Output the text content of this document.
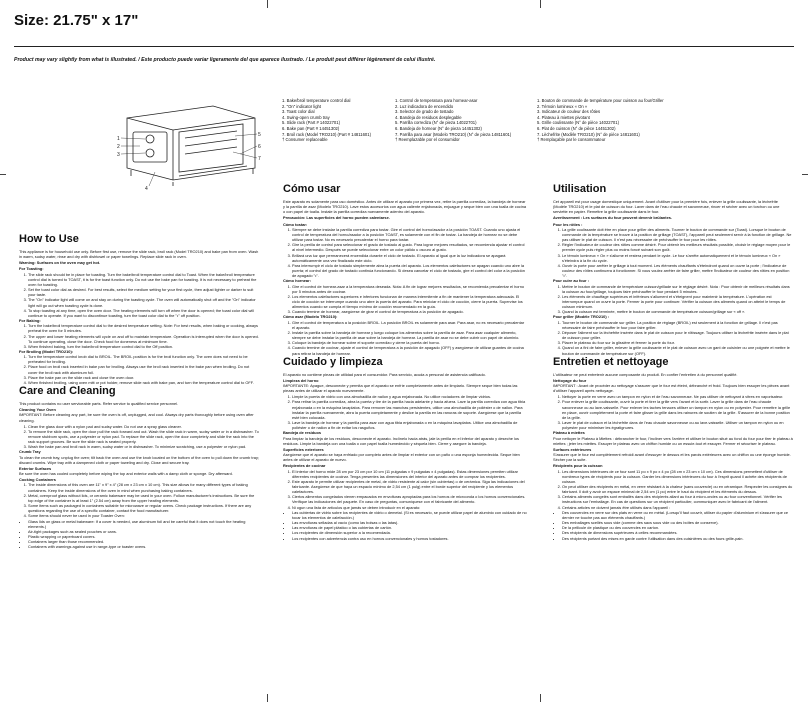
Size: 21.75" x 17"
Product may vary slightly from what is illustrated. / Este producto puede variar ligeramente del que aparece ilustrado. / Le produit peut différer légèrement de celui illustré.
1
2
3
4
5
6
7
1. Bake/broil temperature control dial
2. "On" indicator light
3. Toast color dial
4. Swing-open crumb tray
5. Slide rack (Part # 14022701)
6. Bake pan (Part # 14451302)
7. Broil rack (Model TRO210) (Part # 14811601)
† Consumer replaceable
1. Control de temperatura para hornear-asar
2. Luz indicadora de encendido
3. Selector de grado de tostado
4. Bandeja de residuos desplegable
5. Parrilla corrediza (N° de pieza 14022701)
6. Bandeja de hornear (N° de pieza 14451302)
7. Parrilla para asar (Modelo TRO210) (N° de pieza 14811601)
† Reemplazable por el consumidor
1. Bouton de commande de température pour cuisson au four/Griller
2. Témoin lumineux « On »
3. Indicateur de couleur des rôties
4. Plateau à miettes pivotant
5. Grille coulissante (N° de pièce 14022701)
6. Plat de cuisson (N° de pièce 14451302)
7. Lèchefrite (Modèle TRO210) (N° de pièce 14811601)
† Remplaçable par le consommateur
How to Use

This appliance is for household use only. Before first use, remove the slide rack, broil rack (Model TRO210) and bake pan from oven. Wash in warm, sudsy water, rinse and dry with dishtowel or paper towelings. Replace slide rack in oven.

Warning: Surfaces on the oven may get hot.

For Toasting:
1. The slide rack should be in place for toasting. Turn the bake/broil temperature control dial to Toast. When the bake/broil temperature control dial is turned to TOAST, it is for the toast function only. Do not use the bake pan for toasting. It is not necessary to preheat the oven for toasting.
2. Set the toast color dial as desired. For best results, select the medium setting for your first cycle, then adjust lighter or darker to suit your taste.
3. The "On" indicator light will come on and stay on during the toasting cycle. The oven will automatically shut off and the "On" indicator light will go out when toasting cycle is done.
4. To stop toasting at any time, open the oven door. The heating elements will turn off when the door is opened; the toast color dial will continue to operate. If you want to discontinue toasting, turn the toast color dial to the "•" off position.
For Baking:
1. Turn the bake/broil temperature control dial to the desired temperature setting. Note: For best results, when baking or cooking, always preheat the oven for 5 minutes.
2. The upper and lower heating elements will cycle on and off to maintain temperature. Operation is interrupted when the door is opened. To continue operating, close the door. Check food for doneness at minimum time.
3. When finished baking, turn the bake/broil temperature control dial to the Off position.
For Broiling (Model TRO210):
1. Turn the temperature control knob dial to BROIL. The BROIL position is for the broil function only. The oven does not need to be preheated for broiling.
2. Place food on broil rack inserted in bake pan for broiling. Always use the broil rack inserted in the bake pan when broiling. Do not cover the broil rack with aluminum foil.
3. Place the bake pan on the slide rack and close the oven door.
4. When finished broiling, using oven mitt or pot holder, remove slide rack with bake pan, and turn the temperature control dial to OFF.
Care and Cleaning

This product contains no user serviceable parts. Refer service to qualified service personnel.

Cleaning Your Oven

IMPORTANT: Before cleaning any part, be sure the oven is off, unplugged, and cool. Always dry parts thoroughly before using oven after cleaning.

1. Clean the glass door with a nylon pad and sudsy water. Do not use a spray glass cleaner.
2. To remove the slide rack, open the door pull the rack forward and out. Wash the slide rack in warm, sudsy water or in a dishwasher. To remove stubborn spots, use a polyester or nylon pad. To replace the slide rack, open the door completely and slide the rack into the rack support grooves. Be sure the slide rack is seated properly.
3. Wash the bake pan and broil rack in warm, sudsy water or in dishwasher. To minimize scratching, use a polyester or nylon pad.
Crumb Tray

To clean the crumb tray, unplug the oven; tilt back the oven and use the knob located on the bottom of the oven to pull down the crumb tray; discard crumbs. Wipe tray with a dampened cloth or paper toweling and dry. Close and secure tray.

Exterior Surfaces

Be sure the oven has cooled completely before wiping the top and exterior walls with a damp cloth or sponge. Dry afterward.

Cooking Containers
1. The inside dimensions of this oven are 11" x 9" x 4" (28 cm x 23 cm x 10 cm). This size allows for many different types of baking containers. Keep the inside dimensions of the oven in mind when purchasing baking containers.
2. Metal, ovenproof glass without lids, or ceramic bakeware may be used in your oven. Follow manufacturer's instructions. Be sure the top edge of the container is at least 1" (2.54 cm) away from the upper heating elements.
3. Some items such as packaged in containers suitable for microwave or regular ovens. Check package instructions. If there are any questions regarding the use of a specific container, contact the food manufacturer.
4. Some items should never be used in your Toaster Oven:
• Glass lids on glass or metal bakeware: If a cover is needed, use aluminum foil and be careful that it does not touch the heating elements.)
• Air-tight packages such as sealed pouches or cans.
• Plastic wrapping or paperboard covers.
• Containers larger than those recommended.
• Containers with warnings against use in range-type or toaster ovens.
Cómo usar

Este aparato es solamente para uso doméstico. Antes de utilizar el aparato por primera vez, retire la parrilla corrediza, la bandeja de hornear y la parrilla de asar (Modelo TRO210). Lave estos accesorios con agua caliente enjabonada, enjuague y seque bien con una toalla de cocina o con papel de toalla. Instale la parrilla corrediza nuevamente adentro del aparato.

Precaución: Las superficies del horno pueden calentarse.

Cómo tostar:
1. Siempre se debe instalar la parrilla corrediza para tostar. Gire el control del horno/asador a la posición TOAST. Cuando uno ajusta el control de temperatura del horno/asador a la posición TOAST, es solamente con el fin de tostar. La bandeja de hornear no se debe utilizar para tostar. No es necesario precalentar el horno para tostar.
2. Gire la perilla de control para seleccionar el grado de tostado al gusto. Para lograr mejores resultados, se recomienda ajustar el control al nivel intermedio. Después se puede seleccionar entre un color pálido u oscuro al gusto.
3. Brillará una luz que permanecerá encendida durante el ciclo de tostado. El aparato al igual que la luz indicadora se apagará automáticamente una vez finalizado este ciclo.
4. Para interrumpir el ciclo de tostado simplemente abra la puerta del aparato. Los elementos calefactores se apagan cuando uno abre la puerta; el control del grado de tostado continúa funcionando. Si desea cancelar el ciclo de tostado, gire el control del color a la posición de apagado "•".
Cómo hornear:
1. Gire el control de hornear-asar a la temperatura deseada. Nota: A fin de lograr mejores resultados, se recomienda precalentar el horno por 5 minutos antes de cocinar.
2. Los elementos calefactores superiores e inferiores funcionan de manera intermitente a fin de mantener la temperatura adecuada. El ciclo de cocción se interrumpe cuando uno abre la puerta del aparato. Para reiniciar el ciclo de cocción, cierre la puerta. Supervise los alimentos cuando se cumpla el tiempo mínimo de cocción recomendado en la guía.
3. Cuando termine de hornear, asegúrese de girar el control de temperatura a la posición de apagado.
Cómo asar (Modelo TRO210):
1. Gire el control de temperatura a la posición BROIL. La posición BROIL es solamente para asar. Para asar, no es necesario precalentar el aparato.
2. Instale la parrilla sobre la bandeja de hornear y luego coloque los alimentos sobre la parrilla de asar. Para asar cualquier alimento, siempre se debe instalar la parrilla de asar sobre la bandeja de hornear. La parrilla de asar no se debe cubrir con papel de aluminio.
3. Coloque la bandeja de hornear sobre el soporte corredizo y cierre la puerta del horno.
4. Cuando termine de cocinar, ajuste el control de temperatura a la posición de apagado (OFF) y asegúrese de utilizar guantes de cocina para retirar la bandeja de hornear.
Cuidado y limpieza

El aparato no contiene piezas de utilidad para el consumidor. Para servicio, acuda a personal de asistencia calificado.

Limpieza del horno

IMPORTANTE: Apague, desconecte y permita que el aparato se enfríe completamente antes de limpiarlo. Siempre seque bien todas las piezas antes de utilizar el aparato nuevamente.

1. Limpie la puerta de vidrio con una almohadilla de nailon y agua enjabonada. No utilice rociadores de limpiar vidrios.
2. Para retirar la parrilla corrediza, abra la puerta y tire de la parrilla hacia adelante y hacia afuera. Lave la parrilla corrediza con agua tibia enjabonada o en la máquina lavaplatos. Para remover las manchas persistentes, utilice una almohadilla de poliéster o de nailon. Para instalar la parrilla nuevamente, abra la puerta completamente y deslice la parrilla en las ranuras de soporte. Asegúrese que la parrilla esté bien colocada.
3. Lave la bandeja de hornear y la parrilla para asar con agua tibia enjabonada o en la máquina lavaplatos. Utilice una almohadilla de poliéster o de nailon a fin de evitar los rasguños.
Bandeja de residuos

Para limpiar la bandeja de los residuos, desconecte el aparato. Inclínelo hacia atrás, jale la perilla en el inferior del aparato y deseche los residuos. Limpie la bandeja con una toalla o con papel toalla humedecido y séquela bien. Cierre y asegure la bandeja.

Superficies exteriores

Asegúrese que el aparato se haya enfriado por completo antes de limpiar el exterior con un paño o una esponja humedecida. Seque bien antes de utilizar el aparato de nuevo.

Recipientes de cocinar
1. El interior del horno mide 28 cm por 23 cm por 10 cm (11 pulgadas x 9 pulgadas x 4 pulgadas). Estas dimensiones permiten utilizar diferentes recipientes de cocinar. Tenga presentes las dimensiones del interior del aparato antes de comprar los recipientes.
2. Este aparato le permite utilizar recipientes de metal, de vidrio resistente al calor (sin cubiertas) o de cerámica. Siga las indicaciones del fabricante. Asegúrese de que haya un espacio mínimo de 2,54 cm (1 pulg) entre el borde superior del recipiente y los elementos calefactores.
3. Ciertos alimentos congelados vienen empacados en envolturas apropiadas para los hornos de microonda o los hornos convencionales. Verifique las indicaciones del paquete. En caso de preguntas, comuníquese con el fabricante del alimento.
4. Ni ogun una lista de artículos que jamás se deben introducir en el aparato:
• Las cubiertas de vidrio sobre los recipientes de vidrio o demetal. (Si es necesario, se puede utilizar papel de aluminio con cuidado de no tocar los elementos de calefacción.)
• Las envolturas selladas al vacío (como las bolsas o las latas).
• Las envolturas de papel plástico o las cubiertas de cartón.
• Los recipientes de dimensión superior a la recomendada.
• Los recipientes con advertencia contra uso en hornos convencionales y hornos tostadores.
Utilisation

Cet appareil est pour usage domestique uniquement. Avant d'utiliser pour la première fois, enlever la grille coulissante, la lèchefrite (Modèle TRO210) et le plat de cuisson du four. Laver dans de l'eau chaude et savonneuse, rincer et sécher avec un torchon ou une serviette en papier. Remettre la grille coulissante dans le four.

Avertissement : Les surfaces du four peuvent devenir brûlantes.

Pour les rôties :
1. La grille coulissante doit être en place pour griller des aliments. Tourner le bouton de commande sur (Toast). Lorsque le bouton de commande de la température se trouve à la position de grillage (TOAST), l'appareil peut seulement servir à la fonction de grillage. Ne pas utiliser le plat de cuisson. Il n'est pas nécessaire de préchauffer le four pour les rôties.
2. Régler l'indicateur de couleur des rôties comme désiré. Pour obtenir les meilleurs résultats possible, choisir le réglage moyen pour le premier cycle puis régler plus ou moins foncé suivant son goût.
3. Le témoin lumineux « On » s'allume et restera pendant le cycle. Le four s'arrête automatiquement et le témoin lumineux « On » s'éteindra à la fin du cycle.
4. Ouvrir la porte pour arrêter le grillage à tout moment. Les éléments chauffants s'éteindront quand on ouvre la porte ; l'indicateur de couleur des rôties continuera à fonctionner. Si vous voulez arrêter de faire griller, mettre l'indicateur de couleur des rôties en position "•".
Pour cuire au four :
1. Mettre le bouton de commande de température cuisson/grillade sur le réglage désiré. Nota : Pour obtenir de meilleurs résultats dans la cuisson au four/grillage, toujours faire préchauffer le four pendant 5 minutes.
2. Les éléments de chauffage supérieurs et inférieurs s'allument et s'éteignent pour maintenir la température. L'opération est interrompue quand on ouvre la porte. Fermer la porte pour continuer. Vérifier la cuisson des aliments quand on atteint le temps de cuisson minimum.
3. Quand la cuisson est terminée, mettre le bouton de commande de température cuisson/grillage sur « off ».
Pour griller (Modèle TRO210) :
1. Tourner le bouton de commande sur griller. La position de réglage (BROIL) est seulement à la fonction de grillage. Il n'est pas nécessaire de faire préchauffer le four pour faire griller.
2. Déposer l'aliment sur la lèchefrite insérée dans le plat de cuisson pour le rôtissage. Toujours utiliser la lèchefrite insérée dans le plat de cuisson pour griller.
3. Placer le plateau du four sur la glissière et fermer la porte du four.
4. Quand on a fini de faire griller, enlever la grille coulissante et le plat de cuisson avec un gant de cuisinier ou une poignée et mettre le bouton de commande de température sur (OFF).
Entretien et nettoyage

L'utilisateur ne peut entretenir aucune composante du produit. En confier l'entretien à du personnel qualifié.

Nettoyage du four

IMPORTANT : Avant de procéder au nettoyage s'assurer que le four est éteint, débranché et froid. Toujours bien essuyer les pièces avant d'utiliser l'appareil après nettoyage.

1. Nettoyer la porte en verre avec un tampon en nylon et de l'eau savonneuse. Ne pas utiliser de nettoyant à vitres en vaporisateur.
2. Pour enlever la grille coulissante, ouvrir la porte et tirer la grille vers l'avant et la sortir. Laver la grille dans de l'eau chaude savonneuse ou au lave-vaisselle. Pour enlever les taches tenaces utiliser un tampon en nylon ou en polyester. Pour remettre la grille en place, ouvrir complètement la porte et faire glisser la grille dans les rainures de soutien de la grille. S'assurer de la bonne position de la grille.
3. Laver le plat de cuisson et la lèchefrite dans de l'eau chaude savonneuse ou au lave-vaisselle. Utiliser un tampon en nylon ou en polyester pour minimiser les égratignures.
Plateau à miettes

Pour nettoyer le Plateau à Miettes : débrancher le four, l'incliner vers l'arrière et utiliser le bouton situé au fond du four pour tirer le plateau à miettes ; jeter les miettes. Essuyer le plateau avec un chiffon humide ou un essuie-tout et essuyer. Fermer et sécuriser le plateau.

Surfaces extérieures

S'assurer que le four est complètement refroidi avant d'essuyer le dessus et les parois extérieures avec un chiffon ou une éponge humide. Sécher par la suite.

Récipients pour la cuisson
1. Les dimensions intérieures de ce four sont 11 po x 9 po x 4 po (28 cm x 23 cm x 10 cm). Ces dimensions permettent d'utiliser de nombreux types de récipients pour la cuisson. Garder les dimensions intérieures du four à l'esprit quand il achète des récipients de cuisson.
2. On peut utiliser des récipients en métal, en verre résistant à la chaleur (sans couvercle) ou en céramique. Respecter les consignes du fabricant. Il doit y avoir un espace minimal de 2,54 cm (1 po) entre le haut du récipient et les éléments du dessus.
3. Certains aliments congelés sont emballés dans des récipients allant au four à micro-ondes ou au four conventionnel. Vérifier les instructions sur l'emballage. En cas de questions sur un récipient particulier, communiquer avec le fabricant de l'aliment.
4. Certains articles ne doivent jamais être utilisés dans l'appareil :
• Des couvercles en verre sur des plats en verre ou en métal. (Lorsqu'il faut couvrir, utiliser du papier d'aluminium et s'assurer que ce dernier ne touche pas aux éléments chauffants.)
• Des emballages scellés sous vide (comme des sacs sous vide ou des boîtes de conserve).
• De la pellicule de plastique ou des couvercles en carton.
• Des récipients de dimensions supérieures à celles recommandées.
• Des récipients portant des mises en garde contre l'utilisation dans des cuisinières ou des fours grille-pain.
